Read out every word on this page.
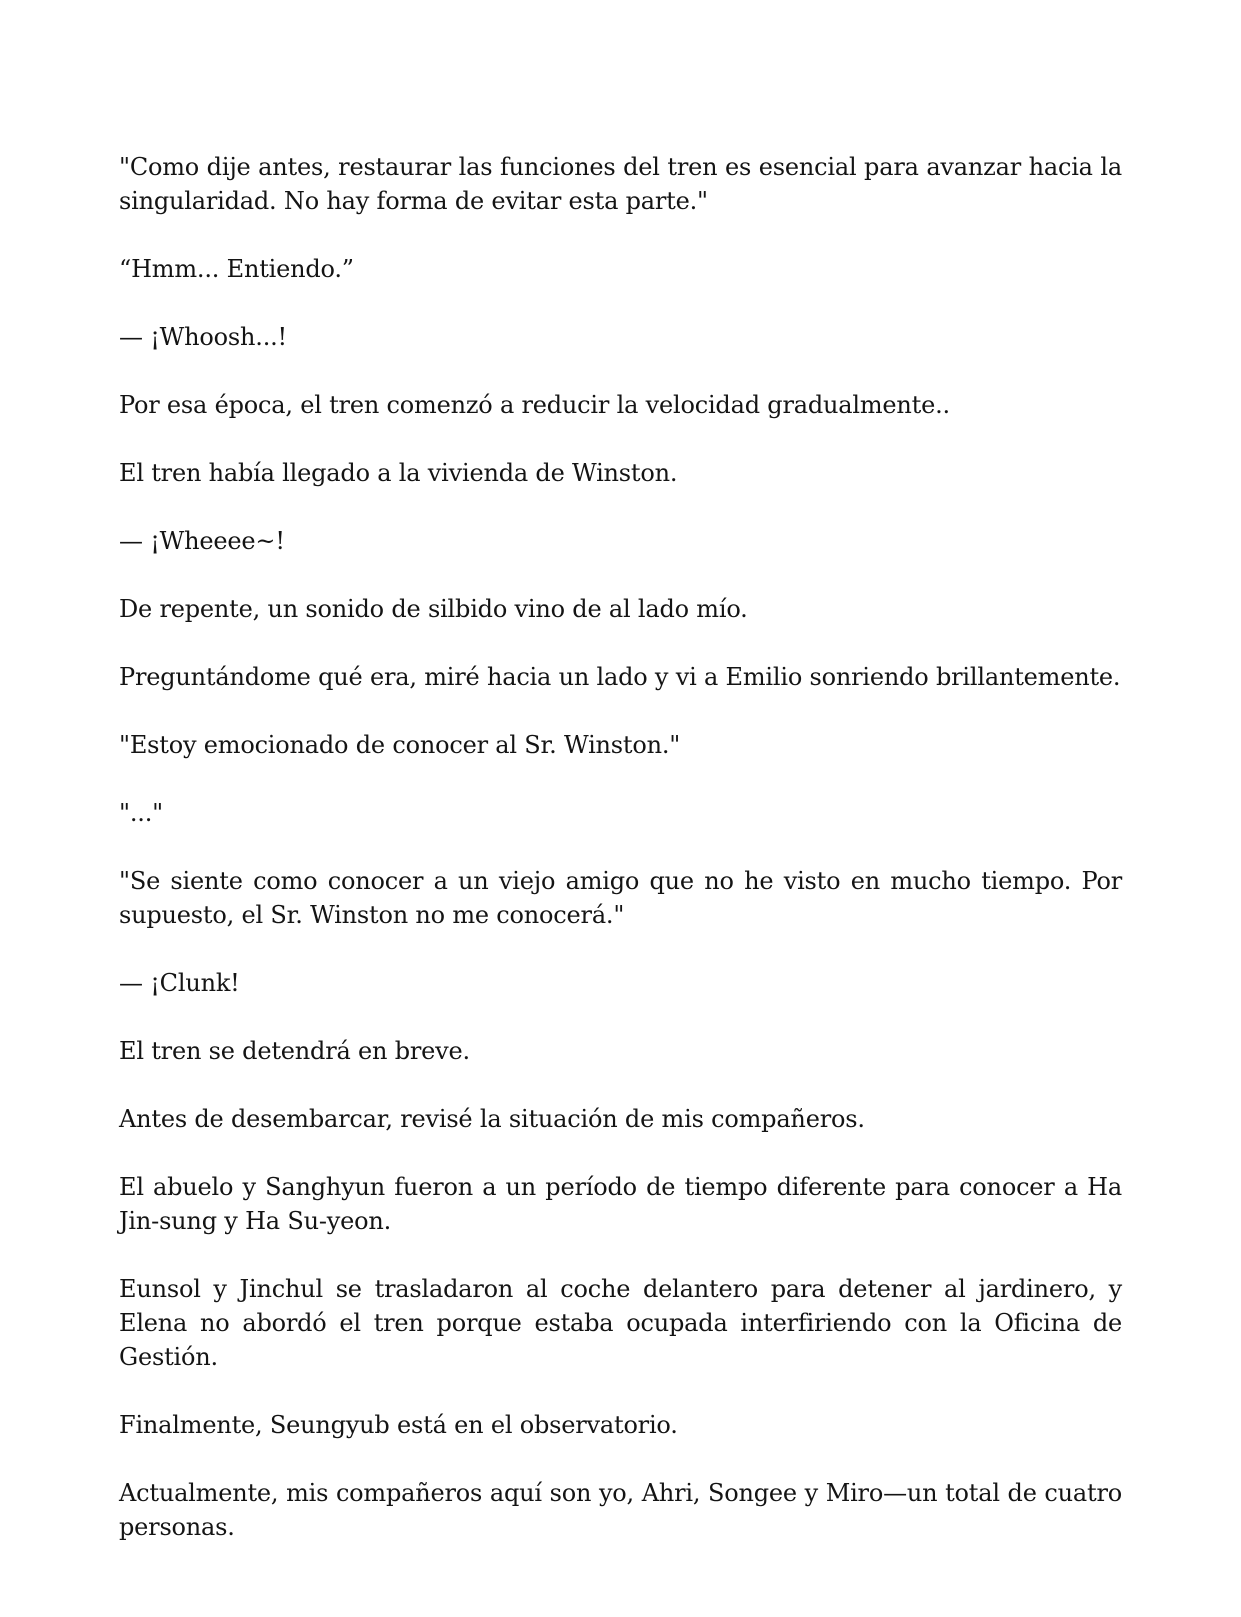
"Como dije antes, restaurar las funciones del tren es esencial para avanzar hacia la singularidad. No hay forma de evitar esta parte."

“Hmm... Entiendo.”

— ¡Whoosh...!

Por esa época, el tren comenzó a reducir la velocidad gradualmente..

El tren había llegado a la vivienda de Winston.

— ¡Wheeee~!

De repente, un sonido de silbido vino de al lado mío.

Preguntándome qué era, miré hacia un lado y vi a Emilio sonriendo brillantemente.

"Estoy emocionado de conocer al Sr. Winston."

"..."

"Se siente como conocer a un viejo amigo que no he visto en mucho tiempo. Por supuesto, el Sr. Winston no me conocerá."

— ¡Clunk!

El tren se detendrá en breve.

Antes de desembarcar, revisé la situación de mis compañeros.

El abuelo y Sanghyun fueron a un período de tiempo diferente para conocer a Ha Jin-sung y Ha Su-yeon.

Eunsol y Jinchul se trasladaron al coche delantero para detener al jardinero, y Elena no abordó el tren porque estaba ocupada interfiriendo con la Oficina de Gestión.

Finalmente, Seungyub está en el observatorio.

Actualmente, mis compañeros aquí son yo, Ahri, Songee y Miro—un total de cuatro personas.
